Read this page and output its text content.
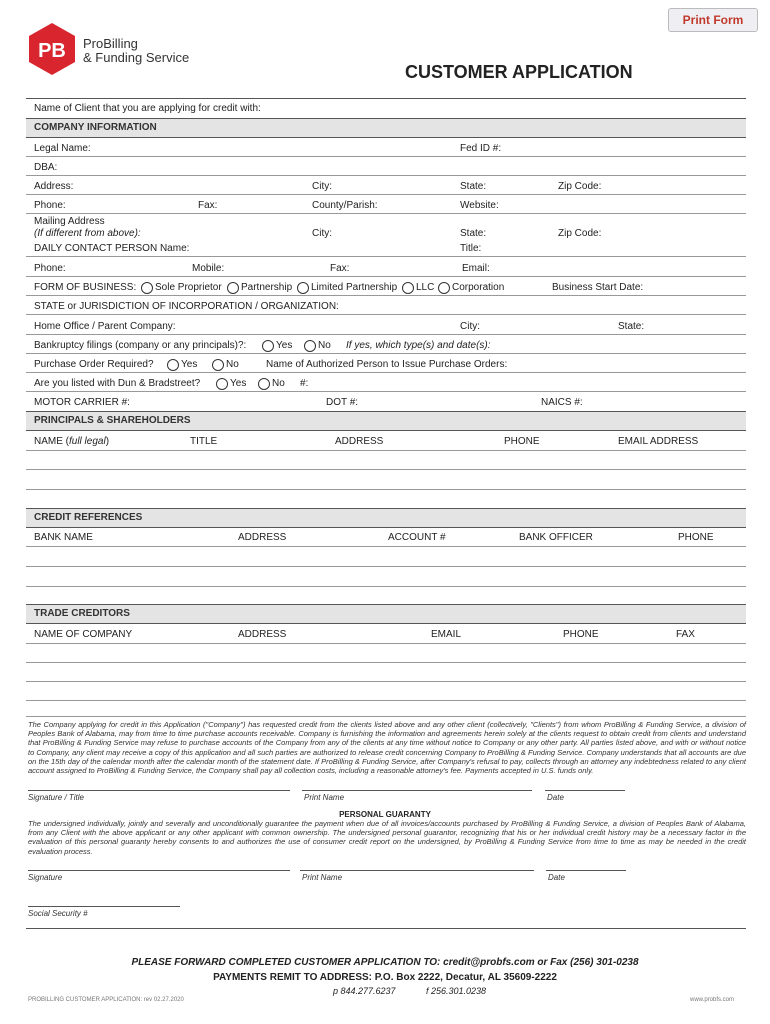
Print Form
PB ProBilling
& Funding Service
CUSTOMER APPLICATION
Name of Client that you are applying for credit with:
COMPANY INFORMATION
Legal Name:	Fed ID #:
DBA:
Address:	City:	State:	Zip Code:
Phone:	Fax:	County/Parish:	Website:
Mailing Address
(If different from above):	City:	State:	Zip Code:
DAILY CONTACT PERSON Name:	Title:
Phone:	Mobile:	Fax:	Email:
FORM OF BUSINESS: Sole Proprietor Partnership Limited Partnership LLC Corporation	Business Start Date:
STATE or JURISDICTION OF INCORPORATION / ORGANIZATION:
Home Office / Parent Company:	City:	State:
Bankruptcy filings (company or any principals)?:	Yes	No If yes, which type(s) and date(s):
Purchase Order Required?	Yes	No	Name of Authorized Person to Issue Purchase Orders:
Are you listed with Dun & Bradstreet?	Yes	No #:
MOTOR CARRIER #:	DOT #:	NAICS #:
PRINCIPALS & SHAREHOLDERS
NAME (full legal)	TITLE	ADDRESS	PHONE	EMAIL ADDRESS
CREDIT REFERENCES
BANK NAME	ADDRESS	ACCOUNT #	BANK OFFICER	PHONE
TRADE CREDITORS
NAME OF COMPANY	ADDRESS	EMAIL	PHONE	FAX
The Company applying for credit in this Application ("Company") has requested credit from the clients listed above and any other client (collectively, "Clients") from whom ProBilling & Funding Service, a division of Peoples Bank of Alabama, may from time to time purchase accounts receivable. Company is furnishing the information and agreements herein solely at the clients request to obtain credit from clients and understand that ProBilling & Funding Service may refuse to purchase accounts of the Company from any of the clients at any time without notice to Company or any other party. All parties listed above, and with or without notice to Company, any client may receive a copy of this application and all such parties are authorized to release credit concerning Company to ProBilling & Funding Service. Company understands that all accounts are due on the 15th day of the calendar month after the calendar month of the statement date. If ProBilling & Funding Service, after Company's refusal to pay, collects through an attorney any indebtedness related to any client account assigned to ProBilling & Funding Service, the Company shall pay all collection costs, including a reasonable attorney's fee. Payments accepted in U.S. funds only.
Signature / Title	Print Name	Date
PERSONAL GUARANTY
The undersigned individually, jointly and severally and unconditionally guarantee the payment when due of all invoices/accounts purchased by ProBilling & Funding Service, a division of Peoples Bank of Alabama, from any Client with the above applicant or any other applicant with common ownership. The undersigned personal guarantor, recognizing that his or her individual credit history may be a necessary factor in the evaluation of this personal guaranty hereby consents to and authorizes the use of consumer credit report on the undersigned, by ProBilling & Funding Service from time to time as may be needed in the credit evaluation process.
Signature	Print Name	Date
Social Security #
PLEASE FORWARD COMPLETED CUSTOMER APPLICATION TO: credit@probfs.com or Fax (256) 301-0238
PAYMENTS REMIT TO ADDRESS: P.O. Box 2222, Decatur, AL 35609-2222
p 844.277.6237	f 256.301.0238
PROBILLING CUSTOMER APPLICATION: rev 02.27.2020	www.probfs.com
